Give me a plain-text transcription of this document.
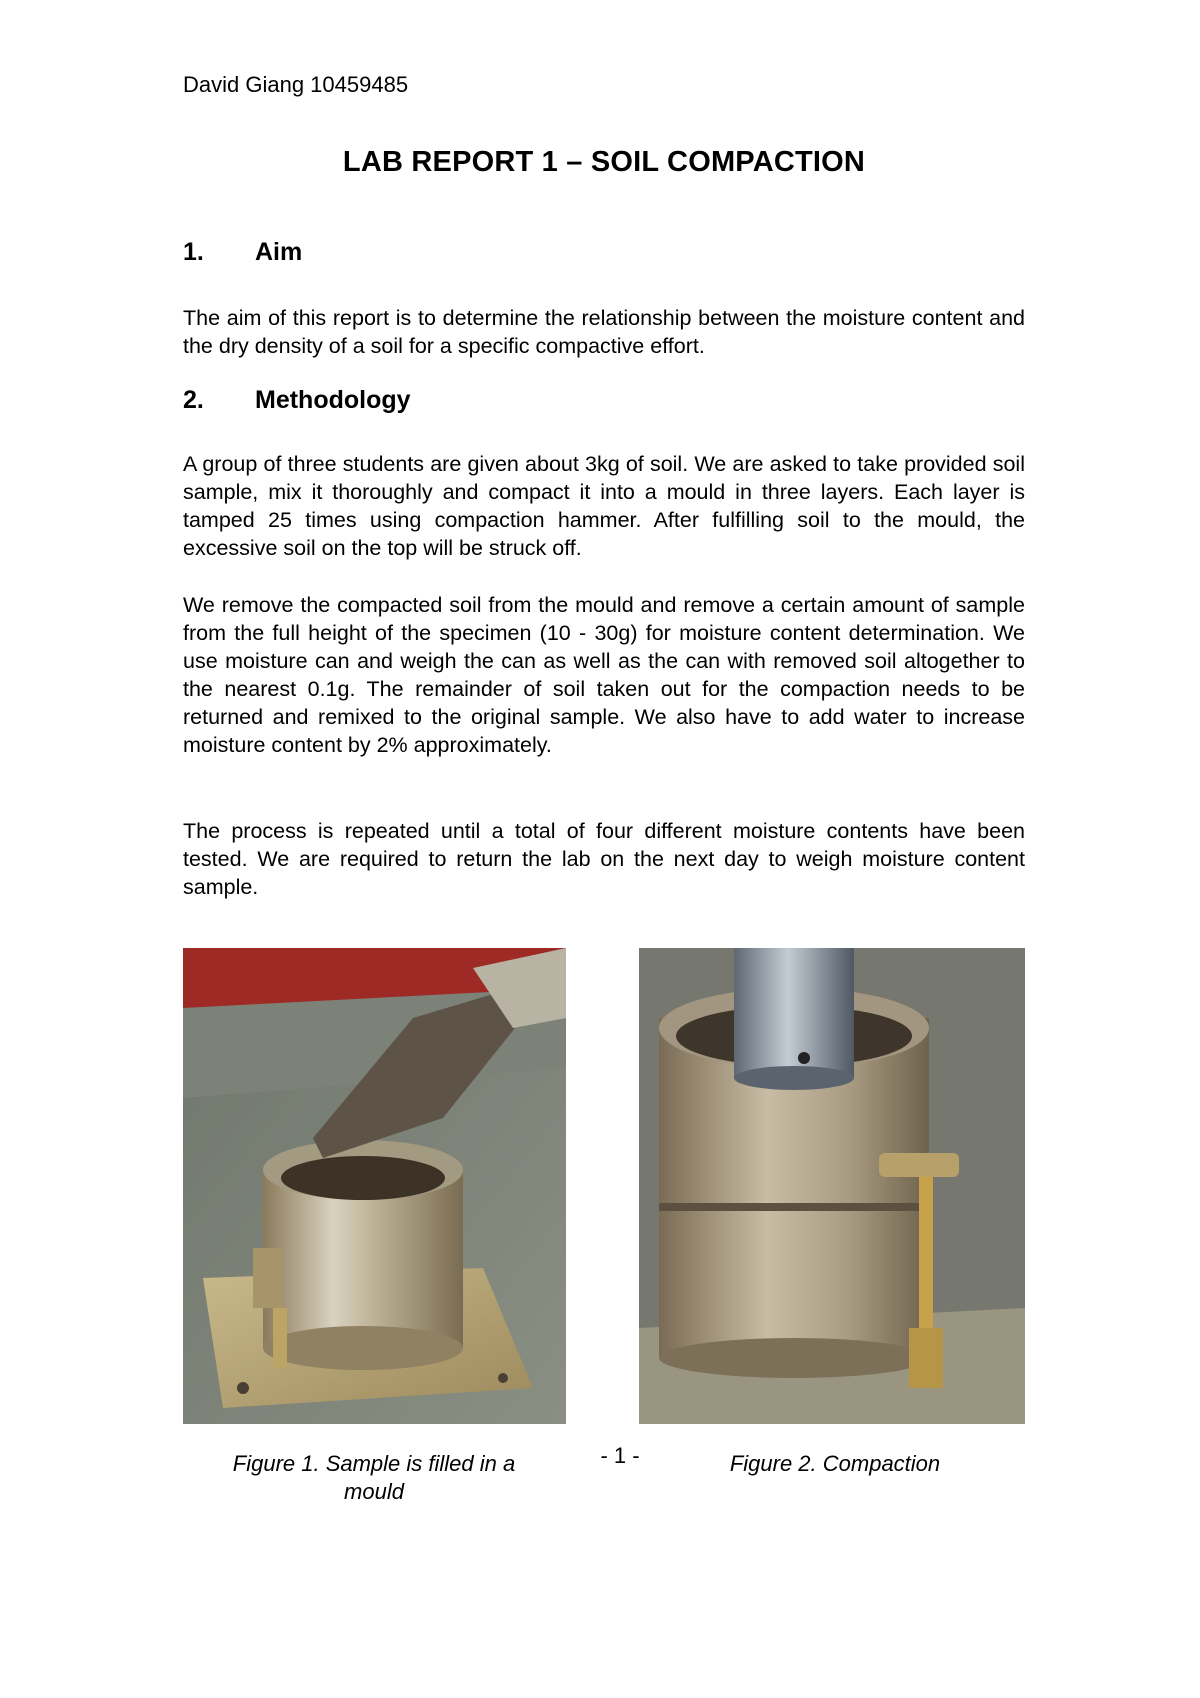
David Giang 10459485
LAB REPORT 1 – SOIL COMPACTION
1. Aim

The aim of this report is to determine the relationship between the moisture content and the dry density of a soil for a specific compactive effort.

2. Methodology

A group of three students are given about 3kg of soil. We are asked to take provided soil sample, mix it thoroughly and compact it into a mould in three layers. Each layer is tamped 25 times using compaction hammer. After fulfilling soil to the mould, the excessive soil on the top will be struck off.

We remove the compacted soil from the mould and remove a certain amount of sample from the full height of the specimen (10 - 30g) for moisture content determination. We use moisture can and weigh the can as well as the can with removed soil altogether to the nearest 0.1g. The remainder of soil taken out for the compaction needs to be returned and remixed to the original sample. We also have to add water to increase moisture content by 2% approximately.

The process is repeated until a total of four different moisture contents have been tested. We are required to return the lab on the next day to weigh moisture content sample.

Figure 1. Sample is filled in a mould
- 1 -	Figure 2. Compaction
